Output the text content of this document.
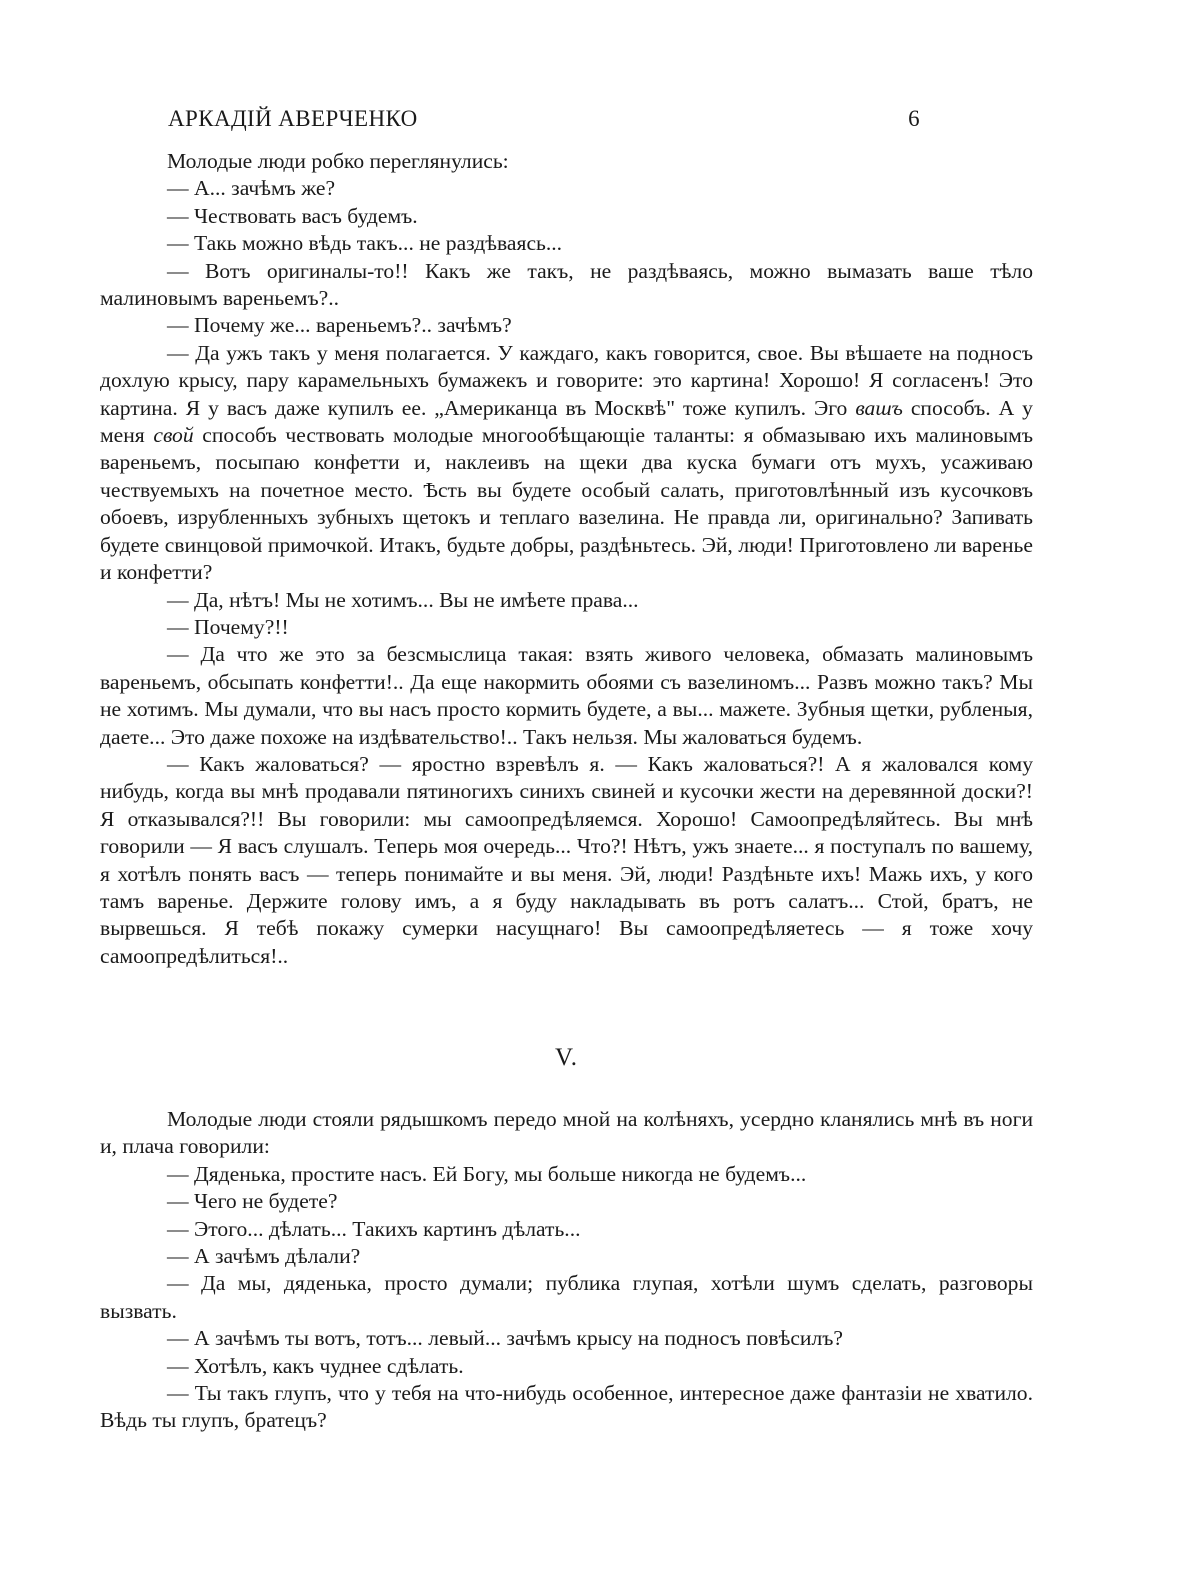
АРКАДІЙ АВЕРЧЕНКО	6

Молодые люди робко переглянулись:

— А... зачѣмъ же?

— Чествовать васъ будемъ.

— Такь можно вѣдь такъ... не раздѣваясь...

— Вотъ оригиналы-то!! Какъ же такъ, не раздѣваясь, можно вымазать ваше тѣло малиновымъ вареньемъ?..

— Почему же... вареньемъ?.. зачѣмъ?

— Да ужъ такъ у меня полагается. У каждаго, какъ говорится, свое. Вы вѣшаете на подносъ дохлую крысу, пару карамельныхъ бумажекъ и говорите: это картина! Хорошо! Я согласенъ! Это картина. Я у васъ даже купилъ ее. „Американца въ Москвѣ" тоже купилъ. Эго вашъ способъ. А у меня свой способъ чествовать молодые многообѣщающіе таланты: я обмазываю ихъ малиновымъ вареньемъ, посыпаю конфетти и, наклеивъ на щеки два куска бумаги отъ мухъ, усаживаю чествуемыхъ на почетное место. Ѣсть вы будете особый салать, приготовлѣнный изъ кусочковъ обоевъ, изрубленныхъ зубныхъ щетокъ и теплаго вазелина. Не правда ли, оригинально? Запивать будете свинцовой примочкой. Итакъ, будьте добры, раздѣньтесь. Эй, люди! Приготовлено ли варенье и конфетти?

— Да, нѣтъ! Мы не хотимъ... Вы не имѣете права...

— Почему?!!

— Да что же это за безсмыслица такая: взять живого человека, обмазать малиновымъ вареньемъ, обсыпать конфетти!.. Да еще накормить обоями съ вазелиномъ... Развъ можно такъ? Мы не хотимъ. Мы думали, что вы насъ просто кормить будете, а вы... мажете. Зубныя щетки, рубленыя, даете... Это даже похоже на издѣвательство!.. Такъ нельзя. Мы жаловаться будемъ.

— Какъ жаловаться? — яростно взревѣлъ я. — Какъ жаловаться?! А я жаловался кому нибудь, когда вы мнѣ продавали пятиногихъ синихъ свиней и кусочки жести на деревянной доски?! Я отказывался?!! Вы говорили: мы самоопредѣляемся. Хорошо! Самоопредѣляйтесь. Вы мнѣ говорили — Я васъ слушалъ. Теперь моя очередь... Что?! Нѣтъ, ужъ знаете... я поступалъ по вашему, я хотѣлъ понять васъ — теперь понимайте и вы меня. Эй, люди! Раздѣньте ихъ! Мажь ихъ, у кого тамъ варенье. Держите голову имъ, а я буду накладывать въ ротъ салатъ... Стой, братъ, не вырвешься. Я тебѣ покажу сумерки насущнаго! Вы самоопредѣляетесь — я тоже хочу самоопредѣлиться!..

V.

Молодые люди стояли рядышкомъ передо мной на колѣняхъ, усердно кланялись мнѣ въ ноги и, плача говорили:

— Дяденька, простите насъ. Ей Богу, мы больше никогда не будемъ...

— Чего не будете?

— Этого... дѣлать... Такихъ картинъ дѣлать...

— А зачѣмъ дѣлали?

— Да мы, дяденька, просто думали; публика глупая, хотѣли шумъ сделать, разговоры вызвать.

— А зачѣмъ ты вотъ, тотъ... левый... зачѣмъ крысу на подносъ повѣсилъ?

— Хотѣлъ, какъ чуднее сдѣлать.

— Ты такъ глупъ, что у тебя на что-нибудь особенное, интересное даже фантазіи не хватило. Вѣдь ты глупъ, братецъ?
